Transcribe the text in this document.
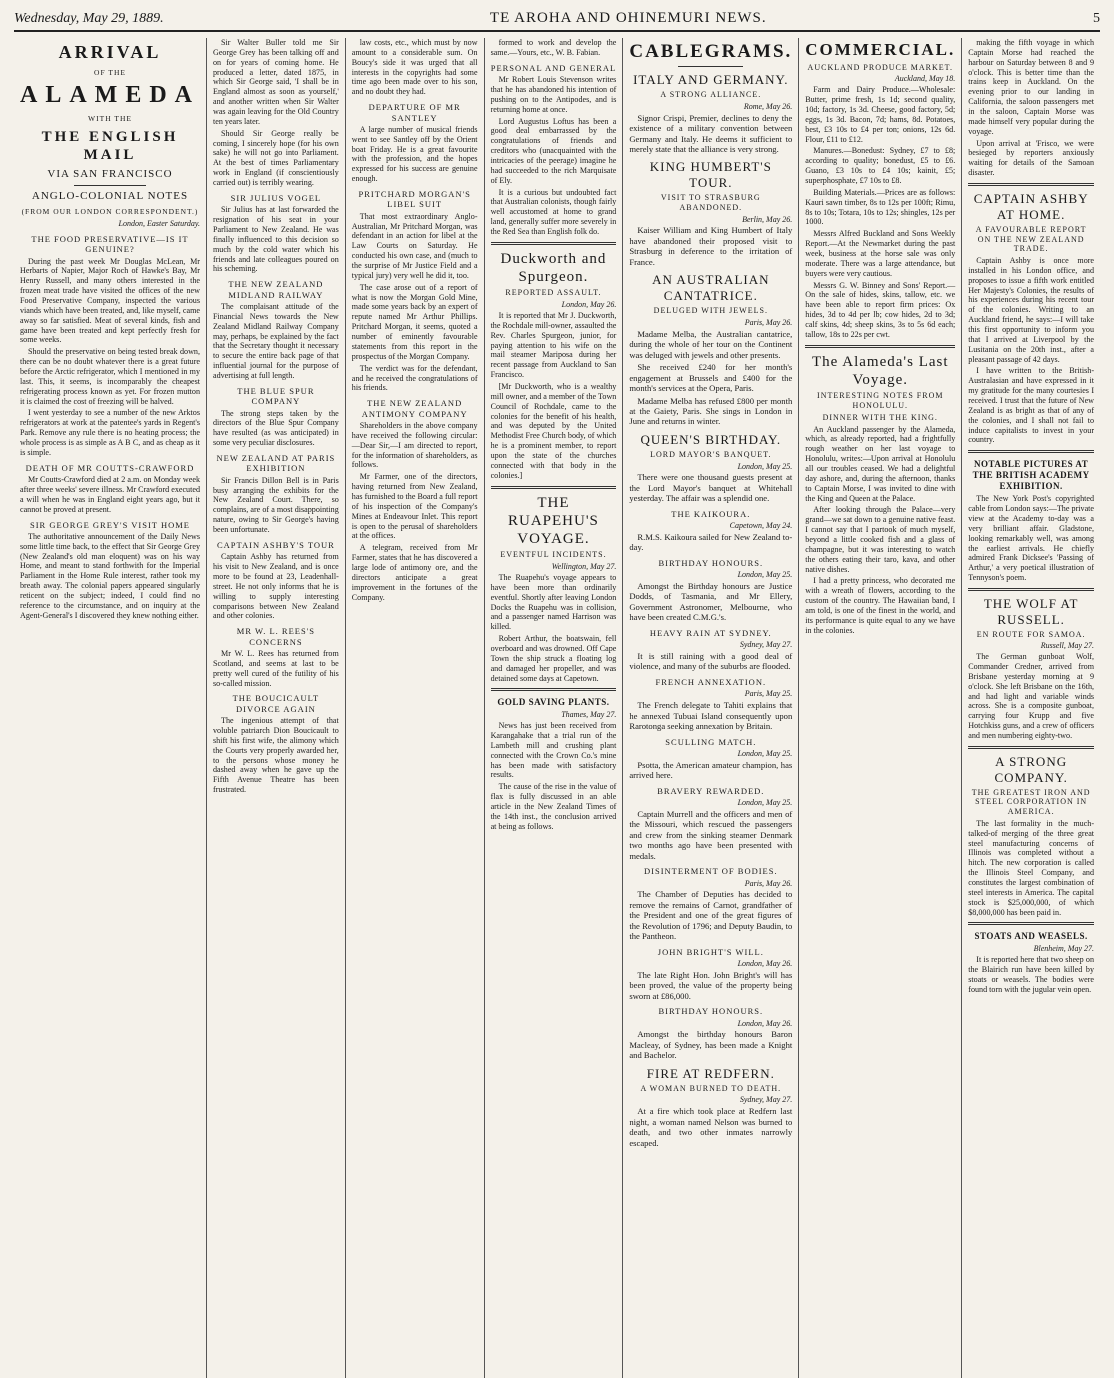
Wednesday, May 29, 1889.	TE AROHA AND OHINEMURI NEWS.	5
ARRIVAL
OF THE
ALAMEDA
WITH THE
THE ENGLISH MAIL
VIA SAN FRANCISCO
ANGLO-COLONIAL NOTES
(FROM OUR LONDON CORRESPONDENT.)
London, Easter Saturday.
THE FOOD PRESERVATIVE—IS IT GENUINE?

During the past week Mr Douglas McLean, Mr Herbarts of Napier, Major Roch of Hawke's Bay, Mr Henry Russell, and many others interested in the frozen meat trade have visited the offices of the new Food Preservative Company, inspected the various viands which have been treated, and, like myself, came away so far satisfied. Meat of several kinds, fish and game have been treated and kept perfectly fresh for some weeks.

Should the preservative on being tested break down, there can be no doubt whatever there is a great future before the Arctic refrigerator, which I mentioned in my last. This, it seems, is incomparably the cheapest refrigerating process known as yet. For frozen mutton it is claimed the cost of freezing will be halved.

I went yesterday to see a number of the new Arktos refrigerators at work at the patentee's yards in Regent's Park. Remove any rule there is no heating process; the whole process is as simple as A B C, and as cheap as it is simple.

DEATH OF MR COUTTS-CRAWFORD

Mr Coutts-Crawford died at 2 a.m. on Monday week after three weeks' severe illness. Mr Crawford executed a will when he was in England eight years ago, but it cannot be proved at present.

SIR GEORGE GREY'S VISIT HOME

The authoritative announcement of the Daily News some little time back, to the effect that Sir George Grey (New Zealand's old man eloquent) was on his way Home, and meant to stand forthwith for the Imperial Parliament in the Home Rule interest, rather took my breath away. The colonial papers appeared singularly reticent on the subject; indeed, I could find no reference to the circumstance, and on inquiry at the Agent-General's I discovered they knew nothing either.

Sir Walter Buller told me Sir George Grey has been talking off and on for years of coming home. He produced a letter, dated 1875, in which Sir George said, 'I shall be in England almost as soon as yourself,' and another written when Sir Walter was again leaving for the Old Country ten years later.

Should Sir George really be coming, I sincerely hope (for his own sake) he will not go into Parliament. At the best of times Parliamentary work in England (if conscientiously carried out) is terribly wearing.

SIR JULIUS VOGEL

Sir Julius has at last forwarded the resignation of his seat in your Parliament to New Zealand. He was finally influenced to this decision so much by the cold water which his friends and late colleagues poured on his scheming.

THE NEW ZEALAND MIDLAND RAILWAY

The complaisant attitude of the Financial News towards the New Zealand Midland Railway Company may, perhaps, be explained by the fact that the Secretary thought it necessary to secure the entire back page of that influential journal for the purpose of advertising at full length.

THE BLUE SPUR COMPANY

The strong steps taken by the directors of the Blue Spur Company have resulted (as was anticipated) in some very peculiar disclosures.

NEW ZEALAND AT PARIS EXHIBITION

Sir Francis Dillon Bell is in Paris busy arranging the exhibits for the New Zealand Court. There, so complains, are of a most disappointing nature, owing to Sir George's having been unfortunate.

CAPTAIN ASHBY'S TOUR

Captain Ashby has returned from his visit to New Zealand, and is once more to be found at 23, Leadenhall-street. He not only informs that he is willing to supply interesting comparisons between New Zealand and other colonies.

MR W. L. REES'S CONCERNS

Mr W. L. Rees has returned from Scotland, and seems at last to be pretty well cured of the futility of his so-called mission.

THE BOUCICAULT DIVORCE AGAIN

The ingenious attempt of that voluble patriarch Dion Boucicault to shift his first wife, the alimony which the Courts very properly awarded her, to the persons whose money he dashed away when he gave up the Fifth Avenue Theatre has been frustrated.

law costs, etc., which must by now amount to a considerable sum. On Boucy's side it was urged that all interests in the copyrights had some time ago been made over to his son, and no doubt they had.

DEPARTURE OF MR SANTLEY

A large number of musical friends went to see Santley off by the Orient boat Friday. He is a great favourite with the profession, and the hopes expressed for his success are genuine enough.

PRITCHARD MORGAN'S LIBEL SUIT

That most extraordinary Anglo-Australian, Mr Pritchard Morgan, was defendant in an action for libel at the Law Courts on Saturday. He conducted his own case, and (much to the surprise of Mr Justice Field and a typical jury) very well he did it, too.

The case arose out of a report of what is now the Morgan Gold Mine, made some years back by an expert of repute named Mr Arthur Phillips. Pritchard Morgan, it seems, quoted a number of eminently favourable statements from this report in the prospectus of the Morgan Company.

The verdict was for the defendant, and he received the congratulations of his friends.

THE NEW ZEALAND ANTIMONY COMPANY

Shareholders in the above company have received the following circular:—Dear Sir,—I am directed to report, for the information of shareholders, as follows.

Mr Farmer, one of the directors, having returned from New Zealand, has furnished to the Board a full report of his inspection of the Company's Mines at Endeavour Inlet. This report is open to the perusal of shareholders at the offices.

A telegram, received from Mr Farmer, states that he has discovered a large lode of antimony ore, and the directors anticipate a great improvement in the fortunes of the Company.

formed to work and develop the same.—Yours, etc., W. B. Fabian.

PERSONAL AND GENERAL

Mr Robert Louis Stevenson writes that he has abandoned his intention of pushing on to the Antipodes, and is returning home at once.

Lord Augustus Loftus has been a good deal embarrassed by the congratulations of friends and creditors who (unacquainted with the intricacies of the peerage) imagine he had succeeded to the rich Marquisate of Ely.

It is a curious but undoubted fact that Australian colonists, though fairly well accustomed at home to grand land, generally suffer more severely in the Red Sea than English folk do.

Duckworth and Spurgeon.
REPORTED ASSAULT.
London, May 26.

It is reported that Mr J. Duckworth, the Rochdale mill-owner, assaulted the Rev. Charles Spurgeon, junior, for paying attention to his wife on the mail steamer Mariposa during her recent passage from Auckland to San Francisco.

[Mr Duckworth, who is a wealthy mill owner, and a member of the Town Council of Rochdale, came to the colonies for the benefit of his health, and was deputed by the United Methodist Free Church body, of which he is a prominent member, to report upon the state of the churches connected with that body in the colonies.]

THE RUAPEHU'S VOYAGE.
EVENTFUL INCIDENTS.
Wellington, May 27.

The Ruapehu's voyage appears to have been more than ordinarily eventful. Shortly after leaving London Docks the Ruapehu was in collision, and a passenger named Harrison was killed.

Robert Arthur, the boatswain, fell overboard and was drowned. Off Cape Town the ship struck a floating log and damaged her propeller, and was detained some days at Capetown.

GOLD SAVING PLANTS.
Thames, May 27.

News has just been received from Karangahake that a trial run of the Lambeth mill and crushing plant connected with the Crown Co.'s mine has been made with satisfactory results.

The cause of the rise in the value of flax is fully discussed in an able article in the New Zealand Times of the 14th inst., the conclusion arrived at being as follows.

CABLEGRAMS.
ITALY AND GERMANY.
A STRONG ALLIANCE.
Rome, May 26.

Signor Crispi, Premier, declines to deny the existence of a military convention between Germany and Italy. He deems it sufficient to merely state that the alliance is very strong.

KING HUMBERT'S TOUR.
VISIT TO STRASBURG ABANDONED.
Berlin, May 26.

Kaiser William and King Humbert of Italy have abandoned their proposed visit to Strasburg in deference to the irritation of France.

AN AUSTRALIAN CANTATRICE.
DELUGED WITH JEWELS.
Paris, May 26.

Madame Melba, the Australian cantatrice, during the whole of her tour on the Continent was deluged with jewels and other presents.

She received £240 for her month's engagement at Brussels and £400 for the month's services at the Opera, Paris.

Madame Melba has refused £800 per month at the Gaiety, Paris. She sings in London in June and returns in winter.

QUEEN'S BIRTHDAY.
LORD MAYOR'S BANQUET.
London, May 25.

There were one thousand guests present at the Lord Mayor's banquet at Whitehall yesterday. The affair was a splendid one.

THE KAIKOURA.
Capetown, May 24.

R.M.S. Kaikoura sailed for New Zealand to-day.

BIRTHDAY HONOURS.
London, May 25.

Amongst the Birthday honours are Justice Dodds, of Tasmania, and Mr Ellery, Government Astronomer, Melbourne, who have been created C.M.G.'s.

HEAVY RAIN AT SYDNEY.
Sydney, May 27.

It is still raining with a good deal of violence, and many of the suburbs are flooded.

FRENCH ANNEXATION.
Paris, May 25.

The French delegate to Tahiti explains that he annexed Tubuai Island consequently upon Rarotonga seeking annexation by Britain.

SCULLING MATCH.
London, May 25.

Psotta, the American amateur champion, has arrived here.

BRAVERY REWARDED.
London, May 25.

Captain Murrell and the officers and men of the Missouri, which rescued the passengers and crew from the sinking steamer Denmark two months ago have been presented with medals.

DISINTERMENT OF BODIES.
Paris, May 26.

The Chamber of Deputies has decided to remove the remains of Carnot, grandfather of the President and one of the great figures of the Revolution of 1796; and Deputy Baudin, to the Pantheon.

JOHN BRIGHT'S WILL.
London, May 26.

The late Right Hon. John Bright's will has been proved, the value of the property being sworn at £86,000.

BIRTHDAY HONOURS.
London, May 26.

Amongst the birthday honours Baron Macleay, of Sydney, has been made a Knight and Bachelor.

FIRE AT REDFERN.
A WOMAN BURNED TO DEATH.
Sydney, May 27.

At a fire which took place at Redfern last night, a woman named Nelson was burned to death, and two other inmates narrowly escaped.

COMMERCIAL.
AUCKLAND PRODUCE MARKET.
Auckland, May 18.

Farm and Dairy Produce.—Wholesale: Butter, prime fresh, 1s 1d; second quality, 10d; factory, 1s 3d. Cheese, good factory, 5d; eggs, 1s 3d. Bacon, 7d; hams, 8d. Potatoes, best, £3 10s to £4 per ton; onions, 12s 6d. Flour, £11 to £12.

Manures.—Bonedust: Sydney, £7 to £8; according to quality; bonedust, £5 to £6. Guano, £3 10s to £4 10s; kainit, £5; superphosphate, £7 10s to £8.

Building Materials.—Prices are as follows: Kauri sawn timber, 8s to 12s per 100ft; Rimu, 8s to 10s; Totara, 10s to 12s; shingles, 12s per 1000.

Messrs Alfred Buckland and Sons Weekly Report.—At the Newmarket during the past week, business at the horse sale was only moderate. There was a large attendance, but buyers were very cautious.

Messrs G. W. Binney and Sons' Report.—On the sale of hides, skins, tallow, etc. we have been able to report firm prices: Ox hides, 3d to 4d per lb; cow hides, 2d to 3d; calf skins, 4d; sheep skins, 3s to 5s 6d each; tallow, 18s to 22s per cwt.

The Alameda's Last Voyage.
INTERESTING NOTES FROM HONOLULU.
DINNER WITH THE KING.

An Auckland passenger by the Alameda, which, as already reported, had a frightfully rough weather on her last voyage to Honolulu, writes:—Upon arrival at Honolulu all our troubles ceased. We had a delightful day ashore, and, during the afternoon, thanks to Captain Morse, I was invited to dine with the King and Queen at the Palace.

After looking through the Palace—very grand—we sat down to a genuine native feast. I cannot say that I partook of much myself, beyond a little cooked fish and a glass of champagne, but it was interesting to watch the others eating their taro, kava, and other native dishes.

I had a pretty princess, who decorated me with a wreath of flowers, according to the custom of the country. The Hawaiian band, I am told, is one of the finest in the world, and its performance is quite equal to any we have in the colonies.

making the fifth voyage in which Captain Morse had reached the harbour on Saturday between 8 and 9 o'clock. This is better time than the trains keep in Auckland. On the evening prior to our landing in California, the saloon passengers met in the saloon, Captain Morse was made himself very popular during the voyage.

Upon arrival at 'Frisco, we were besieged by reporters anxiously waiting for details of the Samoan disaster.

CAPTAIN ASHBY AT HOME.
A FAVOURABLE REPORT ON THE NEW ZEALAND TRADE.

Captain Ashby is once more installed in his London office, and proposes to issue a fifth work entitled Her Majesty's Colonies, the results of his experiences during his recent tour of the colonies. Writing to an Auckland friend, he says:—I will take this first opportunity to inform you that I arrived at Liverpool by the Lusitania on the 20th inst., after a pleasant passage of 42 days.

I have written to the British-Australasian and have expressed in it my gratitude for the many courtesies I received. I trust that the future of New Zealand is as bright as that of any of the colonies, and I shall not fail to induce capitalists to invest in your country.

NOTABLE PICTURES AT THE BRITISH ACADEMY EXHIBITION.

The New York Post's copyrighted cable from London says:—The private view at the Academy to-day was a very brilliant affair. Gladstone, looking remarkably well, was among the earliest arrivals. He chiefly admired Frank Dicksee's 'Passing of Arthur,' a very poetical illustration of Tennyson's poem.

THE WOLF AT RUSSELL.
EN ROUTE FOR SAMOA.
Russell, May 27.

The German gunboat Wolf, Commander Credner, arrived from Brisbane yesterday morning at 9 o'clock. She left Brisbane on the 16th, and had light and variable winds across. She is a composite gunboat, carrying four Krupp and five Hotchkiss guns, and a crew of officers and men numbering eighty-two.

A STRONG COMPANY.
THE GREATEST IRON AND STEEL CORPORATION IN AMERICA.

The last formality in the much-talked-of merging of the three great steel manufacturing concerns of Illinois was completed without a hitch. The new corporation is called the Illinois Steel Company, and constitutes the largest combination of steel interests in America. The capital stock is $25,000,000, of which $8,000,000 has been paid in.

STOATS AND WEASELS.
Blenheim, May 27.

It is reported here that two sheep on the Blairich run have been killed by stoats or weasels. The bodies were found torn with the jugular vein open.
